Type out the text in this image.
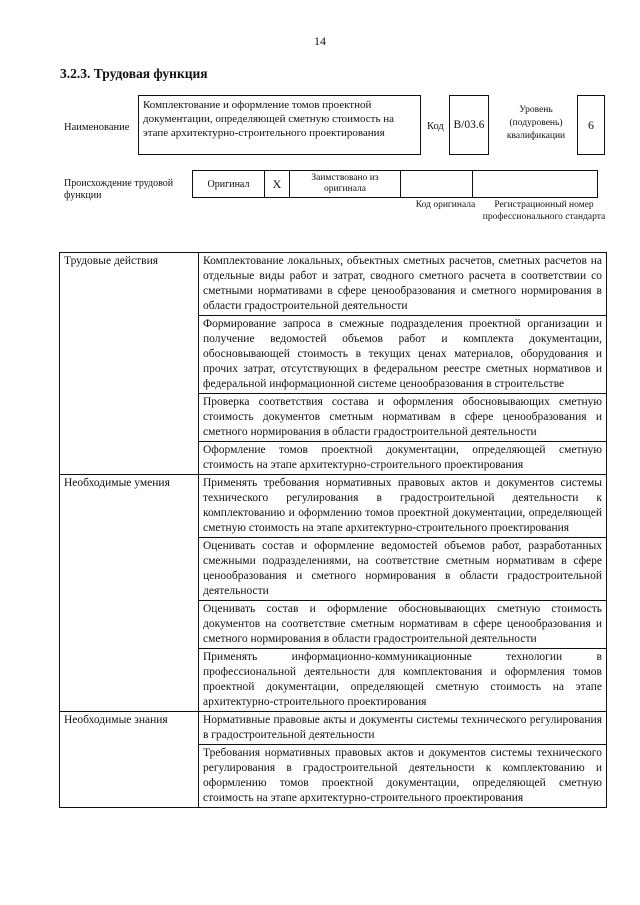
14
3.2.3. Трудовая функция
Наименование
Комплектование и оформление томов проектной документации, определяющей сметную стоимость на этапе архитектурно-строительного проектирования
Код В/03.6
Уровень (подуровень) квалификации
6
Происхождение трудовой функции
Оригинал	X	Заимствовано из оригинала
Код оригинала	Регистрационный номер профессионального стандарта
Трудовые действия	Комплектование локальных, объектных сметных расчетов, сметных расчетов на отдельные виды работ и затрат, сводного сметного расчета в соответствии со сметными нормативами в сфере ценообразования и сметного нормирования в области градостроительной деятельности
	Формирование запроса в смежные подразделения проектной организации и получение ведомостей объемов работ и комплекта документации, обосновывающей стоимость в текущих ценах материалов, оборудования и прочих затрат, отсутствующих в федеральном реестре сметных нормативов и федеральной информационной системе ценообразования в строительстве
	Проверка соответствия состава и оформления обосновывающих сметную стоимость документов сметным нормативам в сфере ценообразования и сметного нормирования в области градостроительной деятельности
	Оформление томов проектной документации, определяющей сметную стоимость на этапе архитектурно-строительного проектирования
Необходимые умения	Применять требования нормативных правовых актов и документов системы технического регулирования в градостроительной деятельности к комплектованию и оформлению томов проектной документации, определяющей сметную стоимость на этапе архитектурно-строительного проектирования
	Оценивать состав и оформление ведомостей объемов работ, разработанных смежными подразделениями, на соответствие сметным нормативам в сфере ценообразования и сметного нормирования в области градостроительной деятельности
	Оценивать состав и оформление обосновывающих сметную стоимость документов на соответствие сметным нормативам в сфере ценообразования и сметного нормирования в области градостроительной деятельности
	Применять информационно-коммуникационные технологии в профессиональной деятельности для комплектования и оформления томов проектной документации, определяющей сметную стоимость на этапе архитектурно-строительного проектирования
Необходимые знания	Нормативные правовые акты и документы системы технического регулирования в градостроительной деятельности
	Требования нормативных правовых актов и документов системы технического регулирования в градостроительной деятельности к комплектованию и оформлению томов проектной документации, определяющей сметную стоимость на этапе архитектурно-строительного проектирования
